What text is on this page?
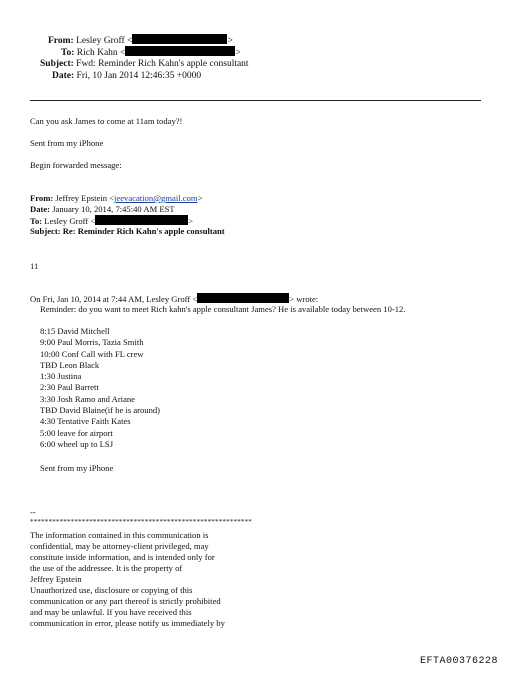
From: Lesley Groff <	>
To: Rich Kahn <	>
Subject: Fwd: Reminder Rich Kahn's apple consultant
Date: Fri, 10 Jan 2014 12:46:35 +0000
Can you ask James to come at 11am today?!
Sent from my iPhone
Begin forwarded message:
From: Jeffrey Epstein <jeevacation@gmail.com>
Date: January 10, 2014, 7:45:40 AM EST
To: Lesley Groff <	>
Subject: Re: Reminder Rich Kahn's apple consultant
11
On Fri, Jan 10, 2014 at 7:44 AM, Lesley Groff <	> wrote:
Reminder: do you want to meet Rich kahn's apple consultant James? He is available today between 10-12.
8:15 David Mitchell
9:00 Paul Morris, Tazia Smith
10:00 Conf Call with FL crew
TBD Leon Black
1:30 Justina
2:30 Paul Barrett
3:30 Josh Ramo and Ariane
TBD David Blaine(if he is around)
4:30 Tentative Faith Kates
5:00 leave for airport
6:00 wheel up to LSJ
Sent from my iPhone
--
************************************************************
The information contained in this communication is
confidential, may be attorney-client privileged, may
constitute inside information, and is intended only for
the use of the addressee. It is the property of
Jeffrey Epstein
Unauthorized use, disclosure or copying of this
communication or any part thereof is strictly prohibited
and may be unlawful. If you have received this
communication in error, please notify us immediately by
EFTA00376228
